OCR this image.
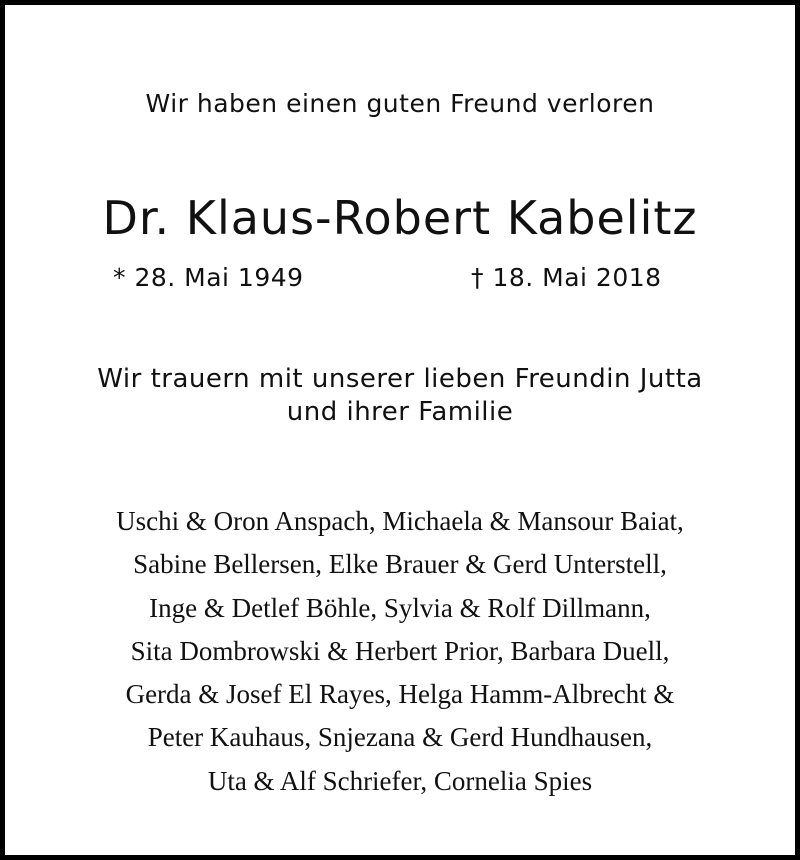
Wir haben einen guten Freund verloren
Dr. Klaus-Robert Kabelitz
* 28. Mai 1949	† 18. Mai 2018
Wir trauern mit unserer lieben Freundin Jutta
und ihrer Familie
Uschi & Oron Anspach, Michaela & Mansour Baiat,
Sabine Bellersen, Elke Brauer & Gerd Unterstell,
Inge & Detlef Böhle, Sylvia & Rolf Dillmann,
Sita Dombrowski & Herbert Prior, Barbara Duell,
Gerda & Josef El Rayes, Helga Hamm-Albrecht &
Peter Kauhaus, Snjezana & Gerd Hundhausen,
Uta & Alf Schriefer, Cornelia Spies
